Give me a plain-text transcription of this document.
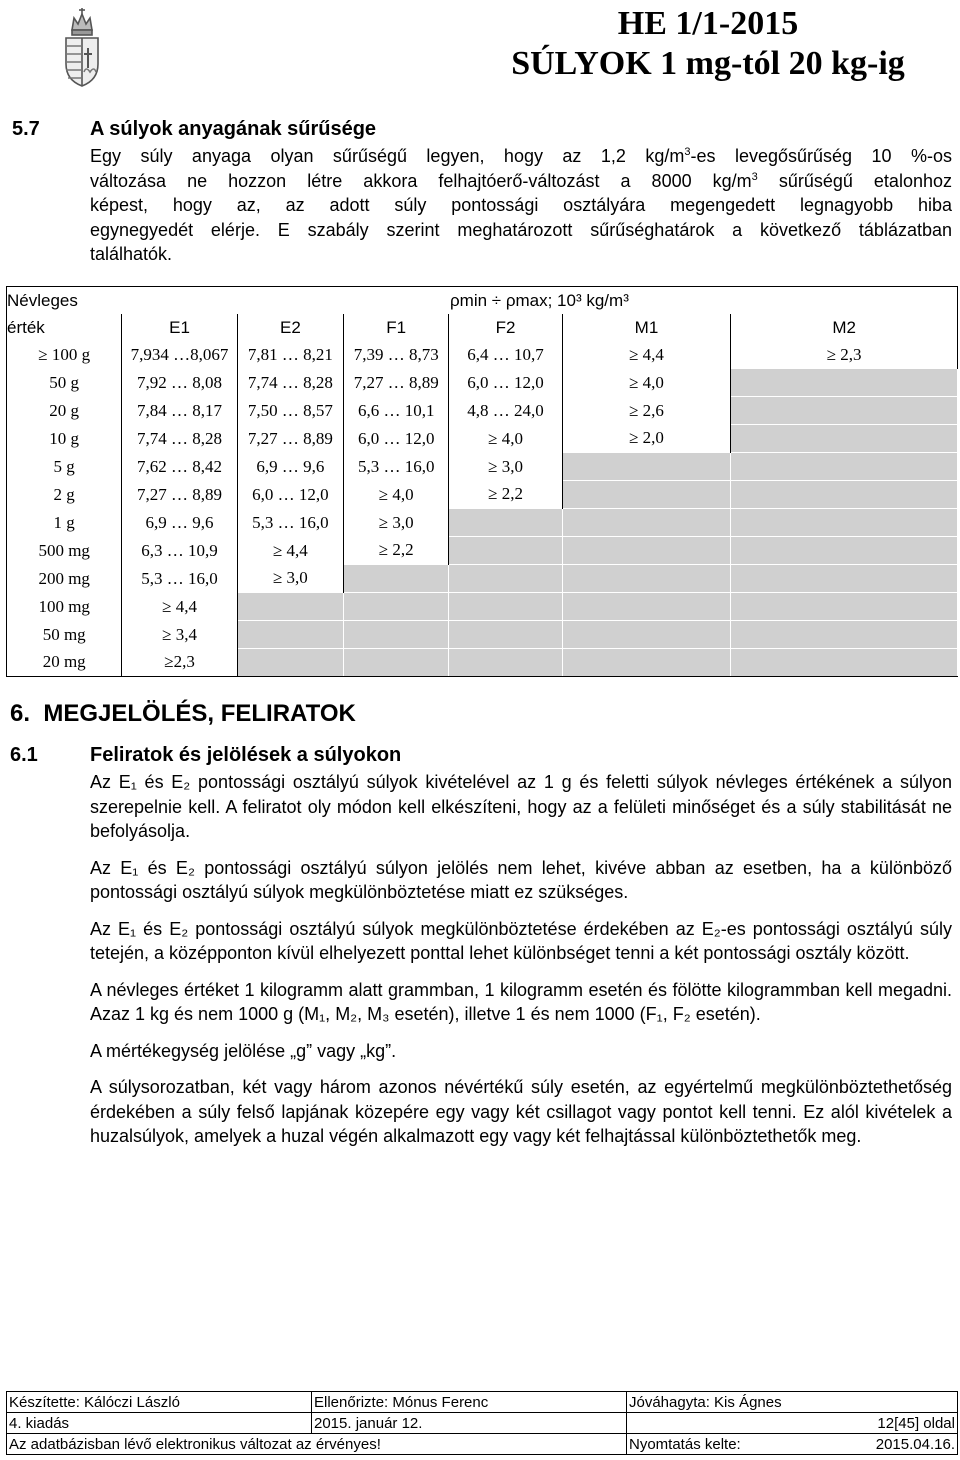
HE 1/1-2015
SÚLYOK 1 mg-tól 20 kg-ig
5.7	A súlyok anyagának sűrűsége
Egy súly anyaga olyan sűrűségű legyen, hogy az 1,2 $kg/m^3-es$ levegősűrűség 10 %-os
változása ne hozzon létre akkora felhajtóerő-változást a 8000 $kg/m^3$ sűrűségű etalonhoz
képest, hogy az, az adott súly pontossági osztályára megengedett legnagyobb hiba
egynegyedét elérje. E szabály szerint meghatározott sűrűséghatárok a következő táblázatban
találhatók.
Névleges	ρmin ÷ ρmax; 10³ kg/m³					
érték	E1	E2	F1	F2	M1	M2
≥ 100 g	7,934 …8,067	7,81 … 8,21	7,39 … 8,73	6,4 … 10,7	≥ 4,4	≥ 2,3
50 g	7,92 … 8,08	7,74 … 8,28	7,27 … 8,89	6,0 … 12,0	≥ 4,0	
20 g	7,84 … 8,17	7,50 … 8,57	6,6 … 10,1	4,8 … 24,0	≥ 2,6	
10 g	7,74 … 8,28	7,27 … 8,89	6,0 … 12,0	≥ 4,0	≥ 2,0	
5 g	7,62 … 8,42	6,9 … 9,6	5,3 … 16,0	≥ 3,0		
2 g	7,27 … 8,89	6,0 … 12,0	≥ 4,0	≥ 2,2		
1 g	6,9 … 9,6	5,3 … 16,0	≥ 3,0			
500 mg	6,3 … 10,9	≥ 4,4	≥ 2,2			
200 mg	5,3 … 16,0	≥ 3,0				
100 mg	≥ 4,4					
50 mg	≥ 3,4					
20 mg	≥2,3					
6. MEGJELÖLÉS, FELIRATOK
6.1	Feliratok és jelölések a súlyokon

Az E₁ és E₂ pontossági osztályú súlyok kivételével az 1 g és feletti súlyok névleges értékének a súlyon szerepelnie kell. A feliratot oly módon kell elkészíteni, hogy az a felületi minőséget és a súly stabilitását ne befolyásolja.

Az E₁ és E₂ pontossági osztályú súlyon jelölés nem lehet, kivéve abban az esetben, ha a különböző pontossági osztályú súlyok megkülönböztetése miatt ez szükséges.

Az E₁ és E₂ pontossági osztályú súlyok megkülönböztetése érdekében az E₂-es pontossági osztályú súly tetején, a középponton kívül elhelyezett ponttal lehet különbséget tenni a két pontossági osztály között.

A névleges értéket 1 kilogramm alatt grammban, 1 kilogramm esetén és fölötte kilogrammban kell megadni. Azaz 1 kg és nem 1000 g (M₁, M₂, M₃ esetén), illetve 1 és nem 1000 (F₁, F₂ esetén).

A mértékegység jelölése „g” vagy „kg”.

A súlysorozatban, két vagy három azonos névértékű súly esetén, az egyértelmű megkülönböztethetőség érdekében a súly felső lapjának közepére egy vagy két csillagot vagy pontot kell tenni. Ez alól kivételek a huzalsúlyok, amelyek a huzal végén alkalmazott egy vagy két felhajtással különböztethetők meg.

Készítette: Kálóczi László	Ellenőrizte: Mónus Ferenc	Jóváhagyta: Kis Ágnes
4. kiadás	2015. január 12.	12[45] oldal
Az adatbázisban lévő elektronikus változat az érvényes!		Nyomtatás kelte: 2015.04.16.
